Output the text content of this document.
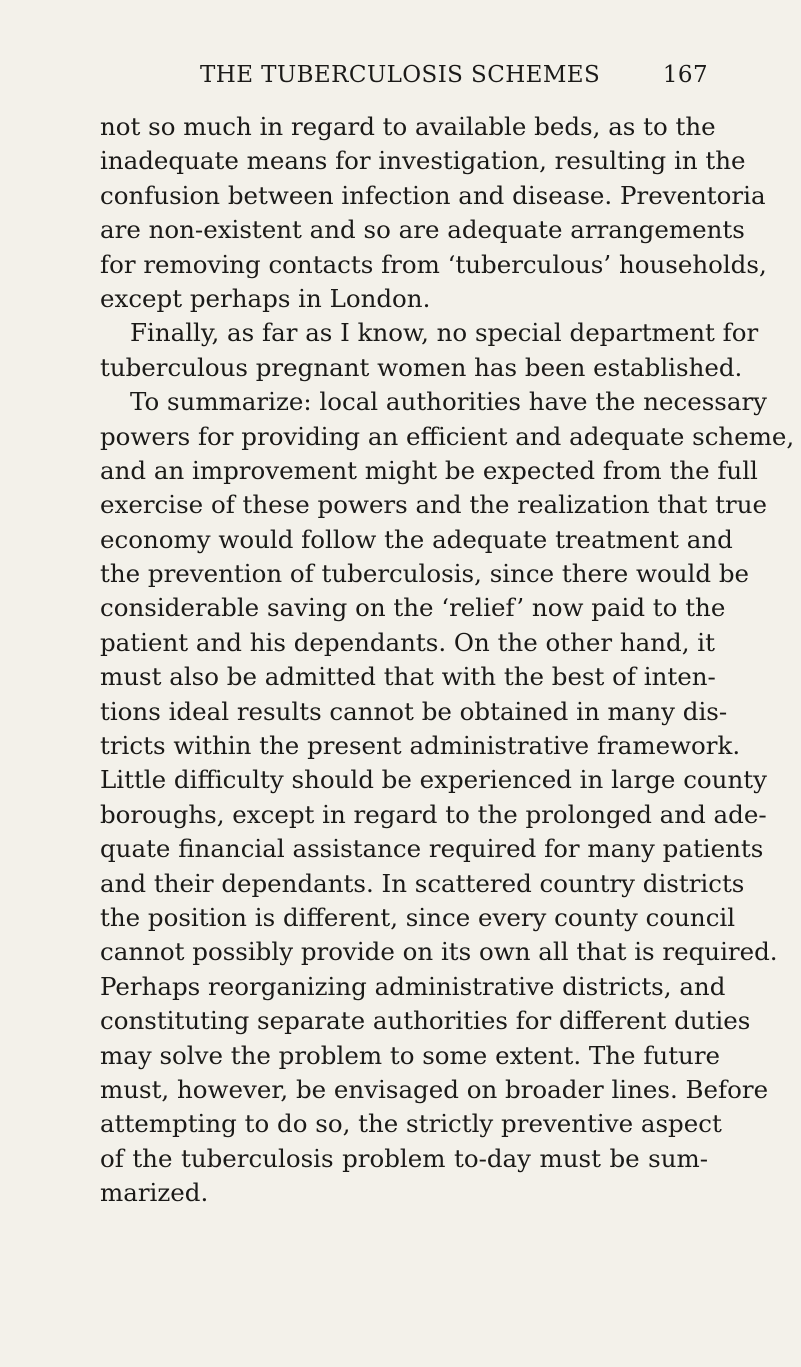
THE TUBERCULOSIS SCHEMES	167
not so much in regard to available beds, as to the
inadequate means for investigation, resulting in the
confusion between infection and disease. Preventoria
are non-existent and so are adequate arrangements
for removing contacts from ‘tuberculous’ households,
except perhaps in London.
Finally, as far as I know, no special department for
tuberculous pregnant women has been established.
To summarize: local authorities have the necessary
powers for providing an efficient and adequate scheme,
and an improvement might be expected from the full
exercise of these powers and the realization that true
economy would follow the adequate treatment and
the prevention of tuberculosis, since there would be
considerable saving on the ‘relief’ now paid to the
patient and his dependants. On the other hand, it
must also be admitted that with the best of inten-
tions ideal results cannot be obtained in many dis-
tricts within the present administrative framework.
Little difficulty should be experienced in large county
boroughs, except in regard to the prolonged and ade-
quate financial assistance required for many patients
and their dependants. In scattered country districts
the position is different, since every county council
cannot possibly provide on its own all that is required.
Perhaps reorganizing administrative districts, and
constituting separate authorities for different duties
may solve the problem to some extent. The future
must, however, be envisaged on broader lines. Before
attempting to do so, the strictly preventive aspect
of the tuberculosis problem to-day must be sum-
marized.
